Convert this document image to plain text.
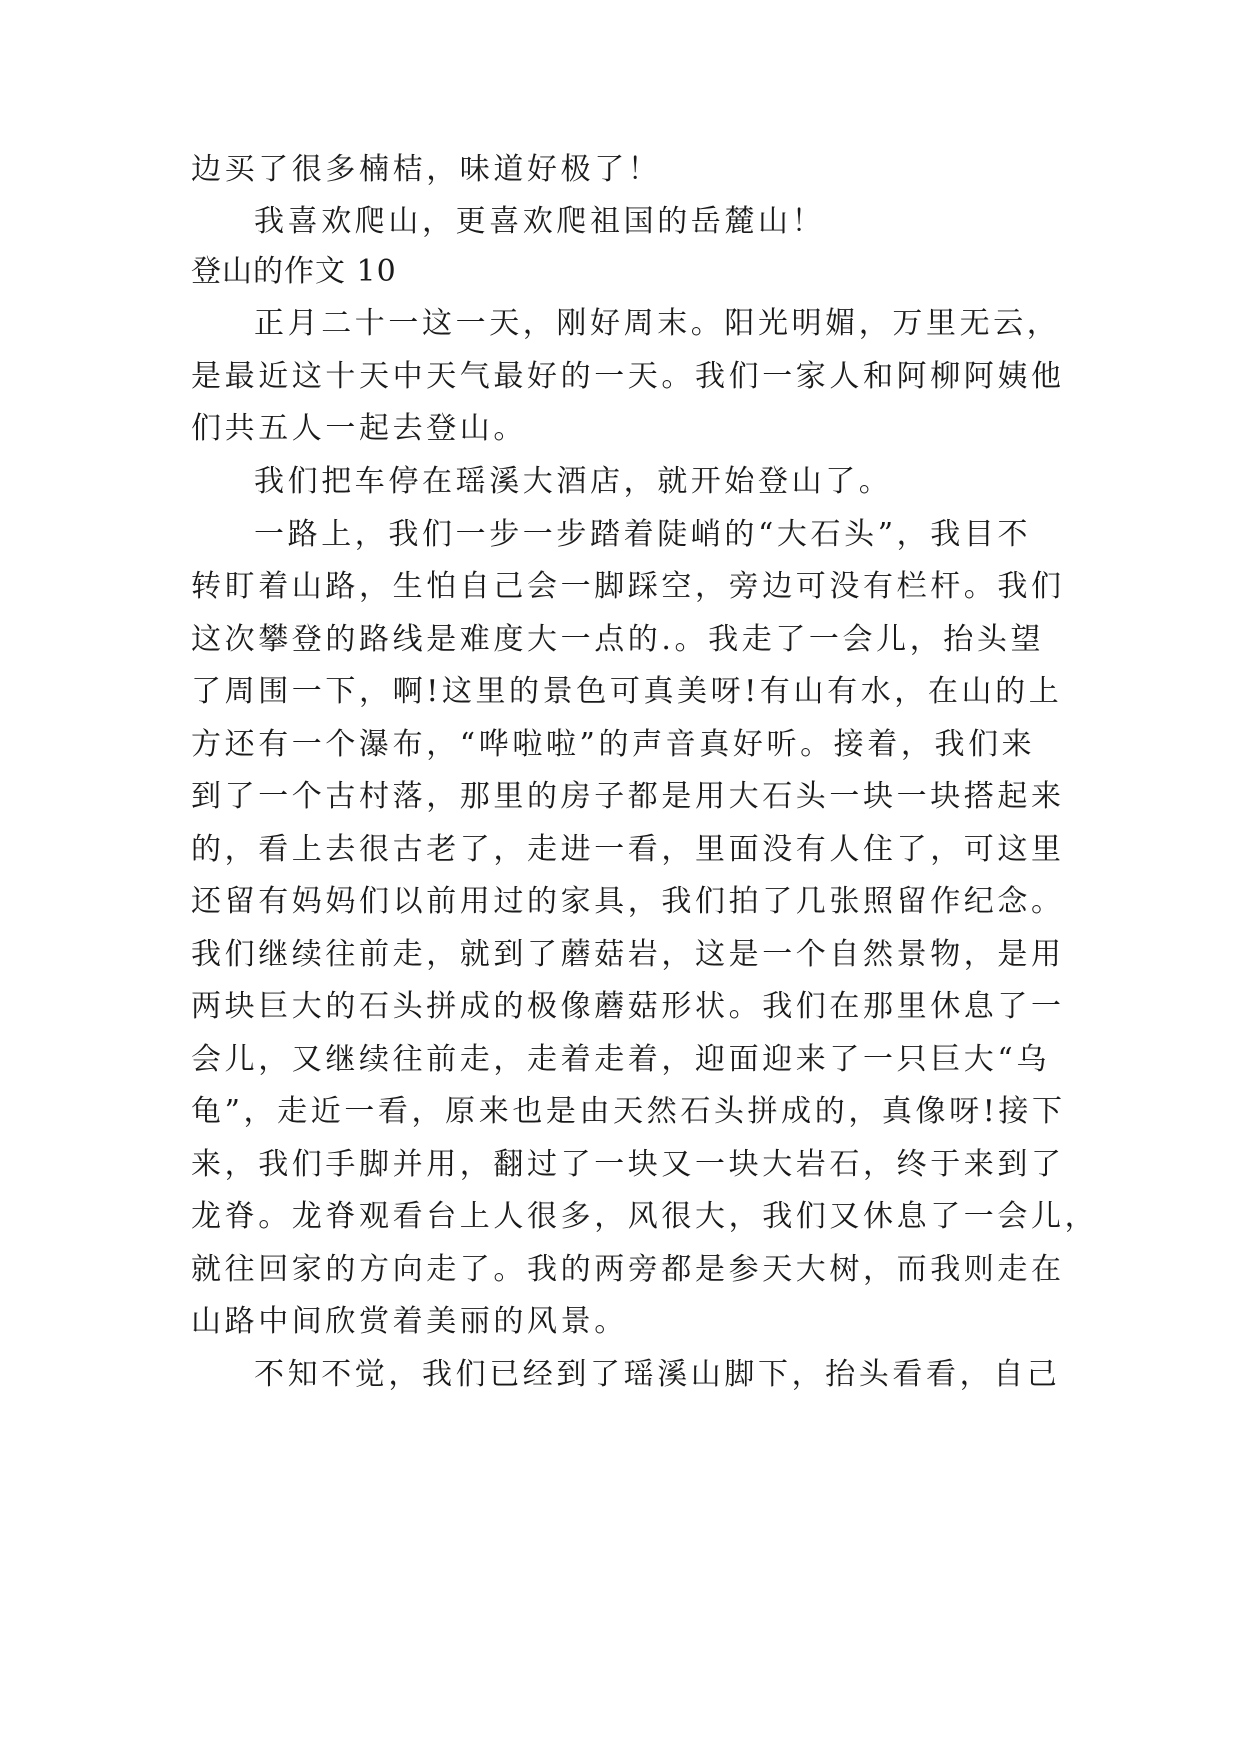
边买了很多楠桔，味道好极了！
我喜欢爬山，更喜欢爬祖国的岳麓山！
登山的作文 10
正月二十一这一天，刚好周末。阳光明媚，万里无云，
是最近这十天中天气最好的一天。我们一家人和阿柳阿姨他
们共五人一起去登山。
我们把车停在瑶溪大酒店，就开始登山了。
一路上，我们一步一步踏着陡峭的“大石头”，我目不
转盯着山路，生怕自己会一脚踩空，旁边可没有栏杆。我们
这次攀登的路线是难度大一点的.。我走了一会儿，抬头望
了周围一下，啊!这里的景色可真美呀!有山有水，在山的上
方还有一个瀑布，“哗啦啦”的声音真好听。接着，我们来
到了一个古村落，那里的房子都是用大石头一块一块搭起来
的，看上去很古老了，走进一看，里面没有人住了，可这里
还留有妈妈们以前用过的家具，我们拍了几张照留作纪念。
我们继续往前走，就到了蘑菇岩，这是一个自然景物，是用
两块巨大的石头拼成的极像蘑菇形状。我们在那里休息了一
会儿，又继续往前走，走着走着，迎面迎来了一只巨大“乌
龟”，走近一看，原来也是由天然石头拼成的，真像呀!接下
来，我们手脚并用，翻过了一块又一块大岩石，终于来到了
龙脊。龙脊观看台上人很多，风很大，我们又休息了一会儿，
就往回家的方向走了。我的两旁都是参天大树，而我则走在
山路中间欣赏着美丽的风景。
不知不觉，我们已经到了瑶溪山脚下，抬头看看，自己
